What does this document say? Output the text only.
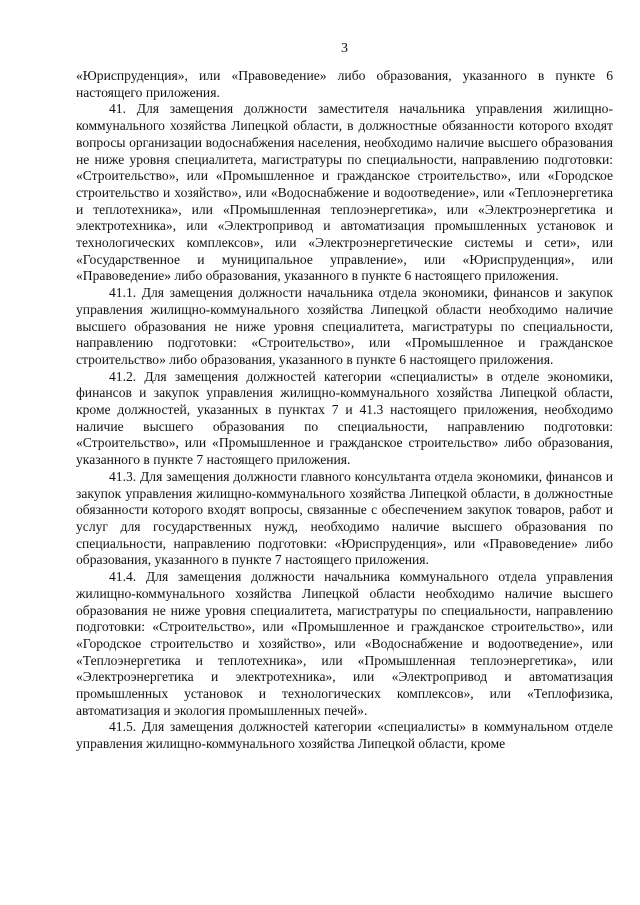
3

«Юриспруденция», или «Правоведение» либо образования, указанного в пункте 6 настоящего приложения.

41. Для замещения должности заместителя начальника управления жилищно-коммунального хозяйства Липецкой области, в должностные обязанности которого входят вопросы организации водоснабжения населения, необходимо наличие высшего образования не ниже уровня специалитета, магистратуры по специальности, направлению подготовки: «Строительство», или «Промышленное и гражданское строительство», или «Городское строительство и хозяйство», или «Водоснабжение и водоотведение», или «Теплоэнергетика и теплотехника», или «Промышленная теплоэнергетика», или «Электроэнергетика и электротехника», или «Электропривод и автоматизация промышленных установок и технологических комплексов», или «Электроэнергетические системы и сети», или «Государственное и муниципальное управление», или «Юриспруденция», или «Правоведение» либо образования, указанного в пункте 6 настоящего приложения.

41.1. Для замещения должности начальника отдела экономики, финансов и закупок управления жилищно-коммунального хозяйства Липецкой области необходимо наличие высшего образования не ниже уровня специалитета, магистратуры по специальности, направлению подготовки: «Строительство», или «Промышленное и гражданское строительство» либо образования, указанного в пункте 6 настоящего приложения.

41.2. Для замещения должностей категории «специалисты» в отделе экономики, финансов и закупок управления жилищно-коммунального хозяйства Липецкой области, кроме должностей, указанных в пунктах 7 и 41.3 настоящего приложения, необходимо наличие высшего образования по специальности, направлению подготовки: «Строительство», или «Промышленное и гражданское строительство» либо образования, указанного в пункте 7 настоящего приложения.

41.3. Для замещения должности главного консультанта отдела экономики, финансов и закупок управления жилищно-коммунального хозяйства Липецкой области, в должностные обязанности которого входят вопросы, связанные с обеспечением закупок товаров, работ и услуг для государственных нужд, необходимо наличие высшего образования по специальности, направлению подготовки: «Юриспруденция», или «Правоведение» либо образования, указанного в пункте 7 настоящего приложения.

41.4. Для замещения должности начальника коммунального отдела управления жилищно-коммунального хозяйства Липецкой области необходимо наличие высшего образования не ниже уровня специалитета, магистратуры по специальности, направлению подготовки: «Строительство», или «Промышленное и гражданское строительство», или «Городское строительство и хозяйство», или «Водоснабжение и водоотведение», или «Теплоэнергетика и теплотехника», или «Промышленная теплоэнергетика», или «Электроэнергетика и электротехника», или «Электропривод и автоматизация промышленных установок и технологических комплексов», или «Теплофизика, автоматизация и экология промышленных печей».

41.5. Для замещения должностей категории «специалисты» в коммунальном отделе управления жилищно-коммунального хозяйства Липецкой области, кроме
